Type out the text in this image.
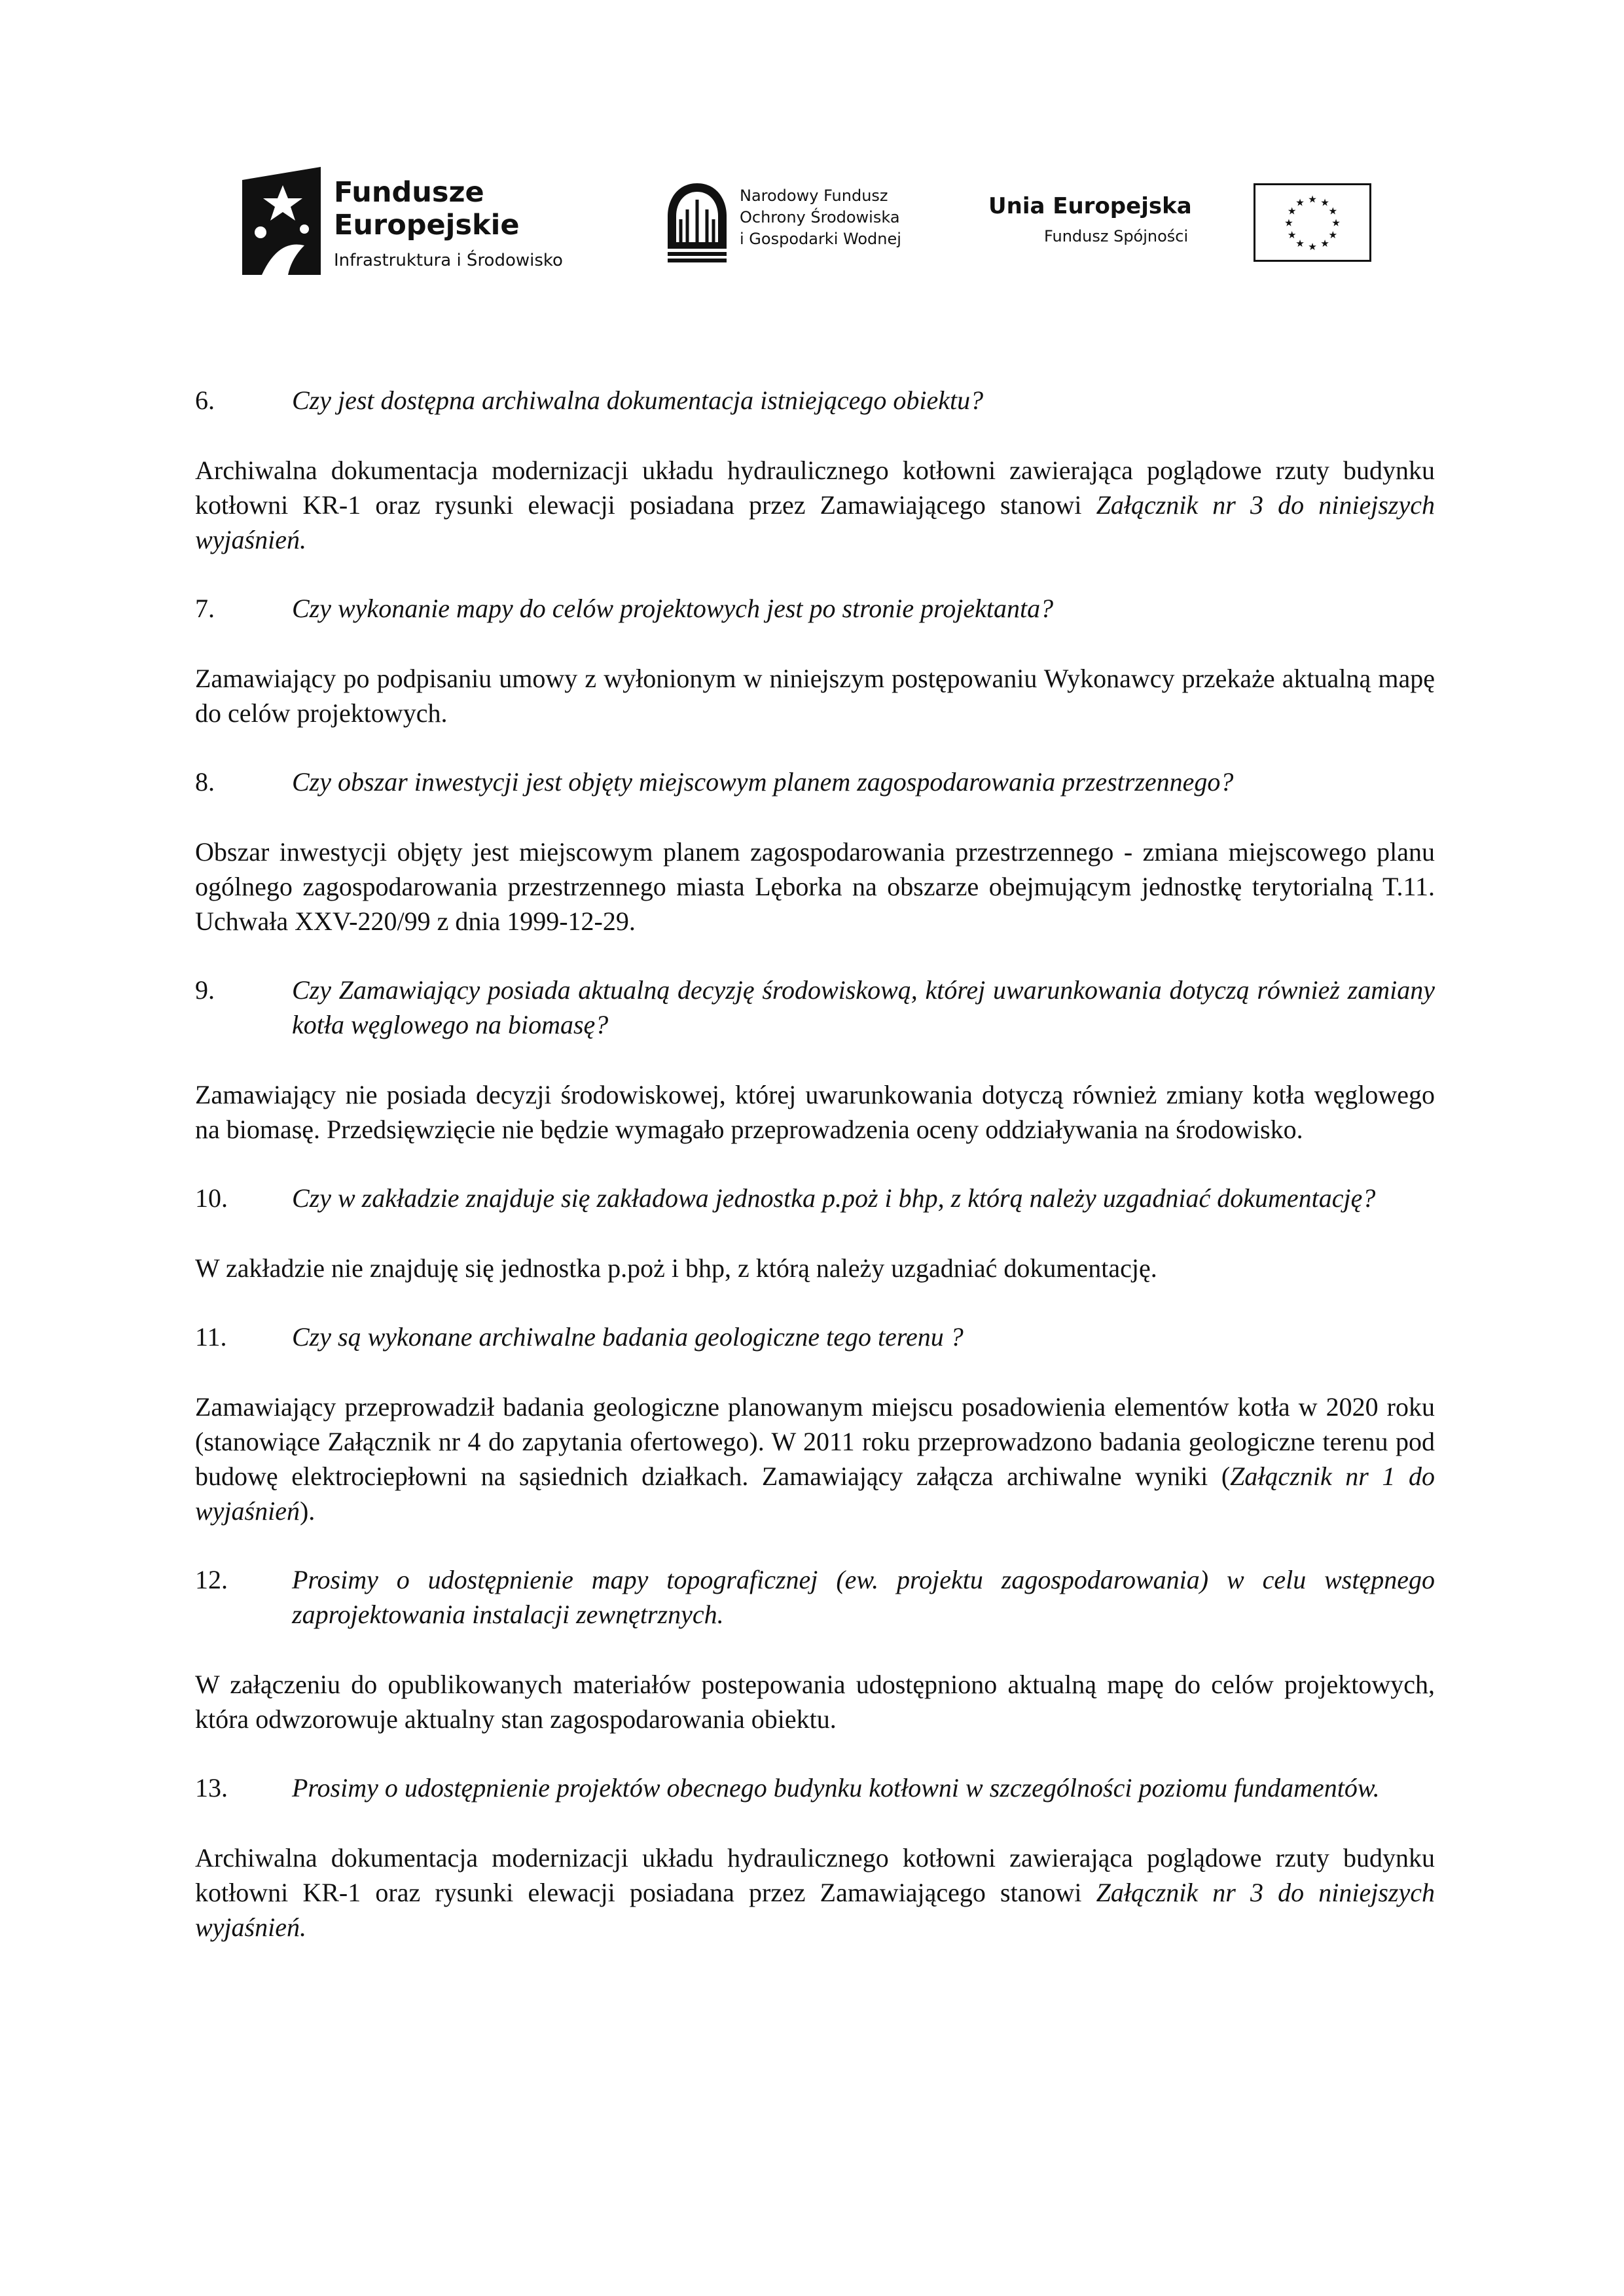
Fundusze
Europejskie
Infrastruktura i Środowisko
Narodowy Fundusz
Ochrony Środowiska
i Gospodarki Wodnej
Unia Europejska
Fundusz Spójności
★ ★
★
★
★
★
★
★
★
★
★
★
6.	Czy jest dostępna archiwalna dokumentacja istniejącego obiektu?

Archiwalna dokumentacja modernizacji układu hydraulicznego kotłowni zawierająca poglądowe rzuty budynku kotłowni KR-1 oraz rysunki elewacji posiadana przez Zamawiającego stanowi Załącznik nr 3 do niniejszych wyjaśnień.

7.	Czy wykonanie mapy do celów projektowych jest po stronie projektanta?

Zamawiający po podpisaniu umowy z wyłonionym w niniejszym postępowaniu Wykonawcy przekaże aktualną mapę do celów projektowych.

8.	Czy obszar inwestycji jest objęty miejscowym planem zagospodarowania przestrzennego?

Obszar inwestycji objęty jest miejscowym planem zagospodarowania przestrzennego - zmiana miejscowego planu ogólnego zagospodarowania przestrzennego miasta Lęborka na obszarze obejmującym jednostkę terytorialną T.11. Uchwała XXV-220/99 z dnia 1999-12-29.

9.	Czy Zamawiający posiada aktualną decyzję środowiskową, której uwarunkowania dotyczą również zamiany kotła węglowego na biomasę?

Zamawiający nie posiada decyzji środowiskowej, której uwarunkowania dotyczą również zmiany kotła węglowego na biomasę. Przedsięwzięcie nie będzie wymagało przeprowadzenia oceny oddziaływania na środowisko.

10.	Czy w zakładzie znajduje się zakładowa jednostka p.poż i bhp, z którą należy uzgadniać dokumentację?

W zakładzie nie znajduję się jednostka p.poż i bhp, z którą należy uzgadniać dokumentację.

11.	Czy są wykonane archiwalne badania geologiczne tego terenu ?

Zamawiający przeprowadził badania geologiczne planowanym miejscu posadowienia elementów kotła w 2020 roku (stanowiące Załącznik nr 4 do zapytania ofertowego). W 2011 roku przeprowadzono badania geologiczne terenu pod budowę elektrociepłowni na sąsiednich działkach. Zamawiający załącza archiwalne wyniki (Załącznik nr 1 do wyjaśnień).

12.	Prosimy o udostępnienie mapy topograficznej (ew. projektu zagospodarowania) w celu wstępnego zaprojektowania instalacji zewnętrznych.

W załączeniu do opublikowanych materiałów postepowania udostępniono aktualną mapę do celów projektowych, która odwzorowuje aktualny stan zagospodarowania obiektu.

13.	Prosimy o udostępnienie projektów obecnego budynku kotłowni w szczególności poziomu fundamentów.

Archiwalna dokumentacja modernizacji układu hydraulicznego kotłowni zawierająca poglądowe rzuty budynku kotłowni KR-1 oraz rysunki elewacji posiadana przez Zamawiającego stanowi Załącznik nr 3 do niniejszych wyjaśnień.
